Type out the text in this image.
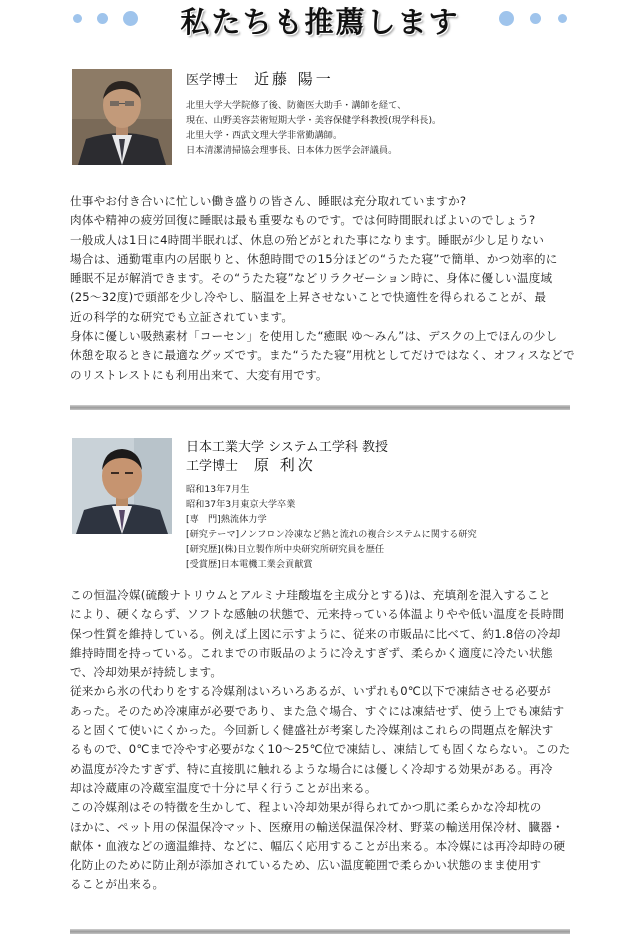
私たちも推薦します
医学博士 近藤 陽一
北里大学大学院修了後、防衛医大助手・講師を経て、
現在、山野美容芸術短期大学・美容保健学科教授(現学科長)。
北里大学・西武文理大学非常勤講師。
日本清潔清掃協会理事長、日本体力医学会評議員。
仕事やお付き合いに忙しい働き盛りの皆さん、睡眠は充分取れていますか?
肉体や精神の疲労回復に睡眠は最も重要なものです。では何時間眠ればよいのでしょう?
一般成人は1日に4時間半眠れば、休息の殆どがとれた事になります。睡眠が少し足りない
場合は、通勤電車内の居眠りと、休憩時間での15分ほどの“うたた寝”で簡単、かつ効率的に
睡眠不足が解消できます。その“うたた寝”などリラクゼーション時に、身体に優しい温度域
(25〜32度)で頭部を少し冷やし、脳温を上昇させないことで快適性を得られることが、最
近の科学的な研究でも立証されています。
身体に優しい吸熱素材「コーセン」を使用した“癒眠 ゆ〜みん”は、デスクの上でほんの少し
休憩を取るときに最適なグッズです。また“うたた寝”用枕としてだけではなく、オフィスなどで
のリストレストにも利用出来て、大変有用です。
日本工業大学 システム工学科 教授
工学博士 原 利次
昭和13年7月生
昭和37年3月東京大学卒業
[専　門]熱流体力学
[研究テーマ]ノンフロン冷凍など熱と流れの複合システムに関する研究
[研究歴](株)日立製作所中央研究所研究員を歴任
[受賞歴]日本電機工業会貢献賞
この恒温冷媒(硫酸ナトリウムとアルミナ珪酸塩を主成分とする)は、充填剤を混入すること
により、硬くならず、ソフトな感触の状態で、元来持っている体温よりやや低い温度を長時間
保つ性質を維持している。例えば上図に示すように、従来の市販品に比べて、約1.8倍の冷却
維持時間を持っている。これまでの市販品のように冷えすぎず、柔らかく適度に冷たい状態
で、冷却効果が持続します。
従来から氷の代わりをする冷媒剤はいろいろあるが、いずれも0℃以下で凍結させる必要が
あった。そのため冷凍庫が必要であり、また急ぐ場合、すぐには凍結せず、使う上でも凍結す
ると固くて使いにくかった。今回新しく健盛社が考案した冷媒剤はこれらの問題点を解決す
るもので、0℃まで冷やす必要がなく10〜25℃位で凍結し、凍結しても固くならない。このた
め温度が冷たすぎず、特に直接肌に触れるような場合には優しく冷却する効果がある。再冷
却は冷蔵庫の冷蔵室温度で十分に早く行うことが出来る。
この冷媒剤はその特徴を生かして、程よい冷却効果が得られてかつ肌に柔らかな冷却枕の
ほかに、ペット用の保温保冷マット、医療用の輸送保温保冷材、野菜の輸送用保冷材、臓器・
献体・血液などの適温維持、などに、幅広く応用することが出来る。本冷媒には再冷却時の硬
化防止のために防止剤が添加されているため、広い温度範囲で柔らかい状態のまま使用す
ることが出来る。
